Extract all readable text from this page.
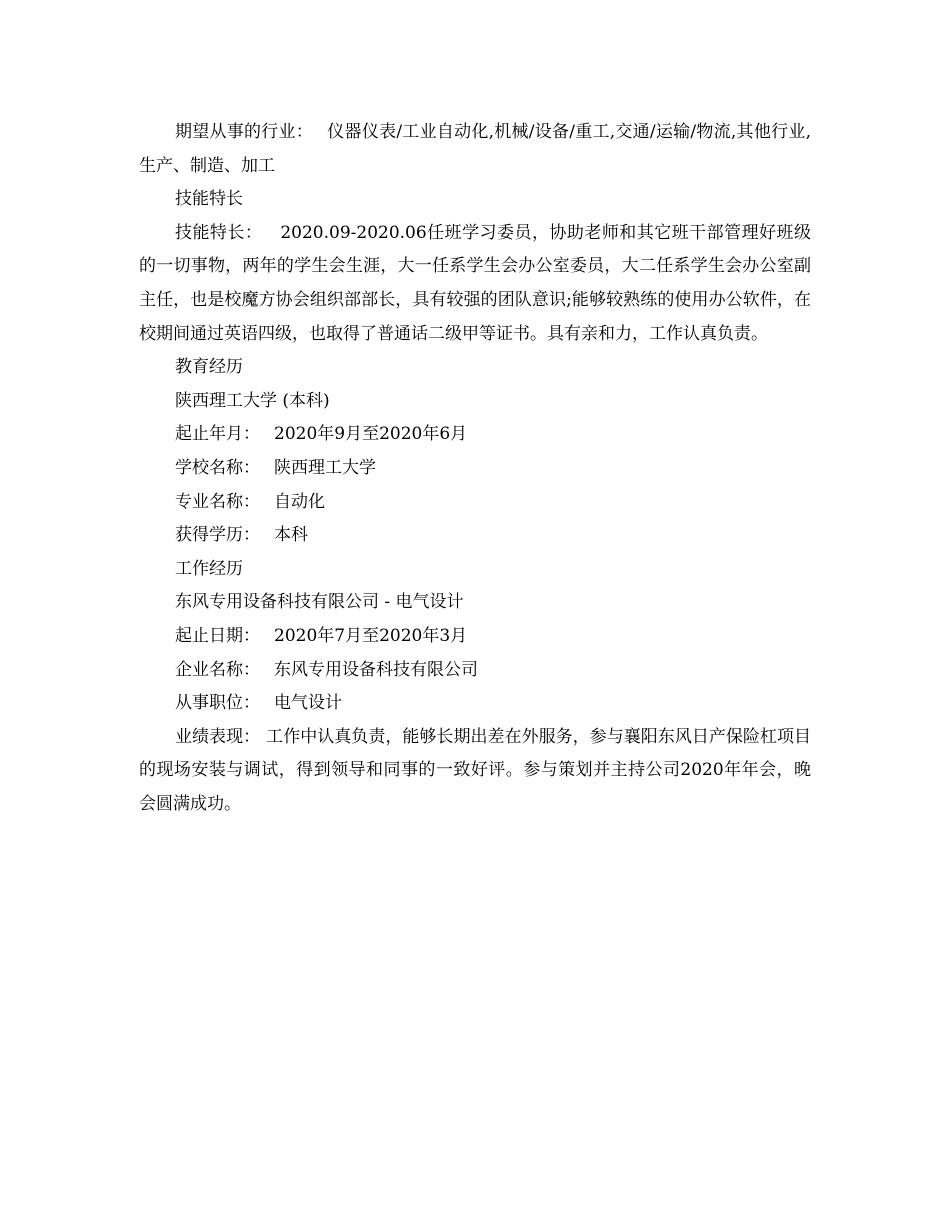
期望从事的行业： 仪器仪表/工业自动化,机械/设备/重工,交通/运输/物流,其他行业,生产、制造、加工

技能特长

技能特长： 2020.09-2020.06任班学习委员，协助老师和其它班干部管理好班级的一切事物，两年的学生会生涯，大一任系学生会办公室委员，大二任系学生会办公室副主任，也是校魔方协会组织部部长，具有较强的团队意识;能够较熟练的使用办公软件，在校期间通过英语四级，也取得了普通话二级甲等证书。具有亲和力，工作认真负责。

教育经历

陕西理工大学 (本科)

起止年月： 2020年9月至2020年6月

学校名称： 陕西理工大学

专业名称： 自动化

获得学历： 本科

工作经历

东风专用设备科技有限公司 - 电气设计

起止日期： 2020年7月至2020年3月

企业名称： 东风专用设备科技有限公司

从事职位： 电气设计

业绩表现： 工作中认真负责，能够长期出差在外服务，参与襄阳东风日产保险杠项目的现场安装与调试，得到领导和同事的一致好评。参与策划并主持公司2020年年会，晚会圆满成功。
